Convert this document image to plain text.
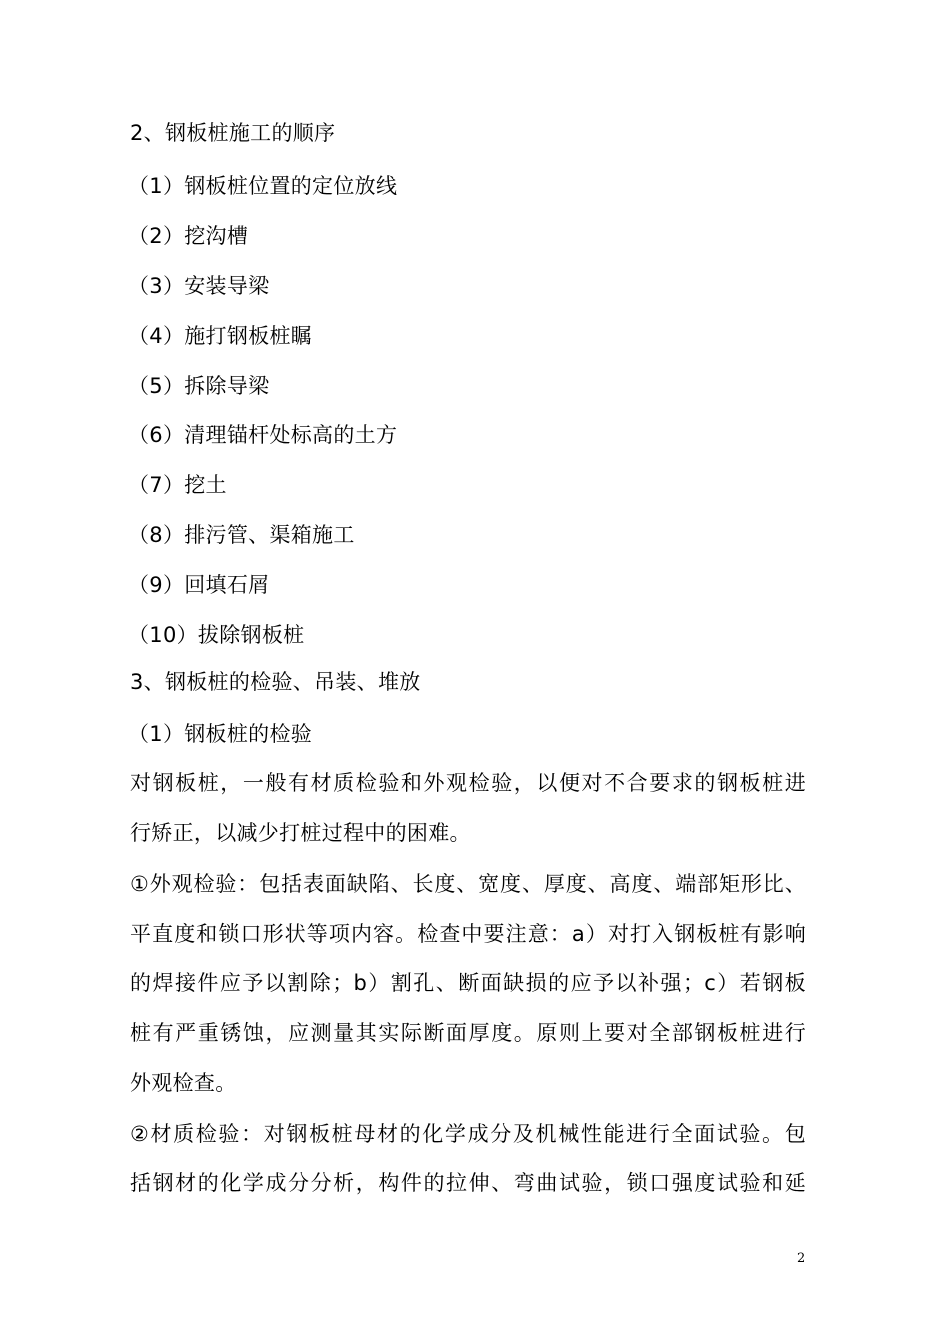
2、钢板桩施工的顺序
（1）钢板桩位置的定位放线
（2）挖沟槽
（3）安装导梁
（4）施打钢板桩瞩
（5）拆除导梁
（6）清理锚杆处标高的土方
（7）挖土
（8）排污管、渠箱施工
（9）回填石屑
（10）拔除钢板桩
3、钢板桩的检验、吊装、堆放
（1）钢板桩的检验
对钢板桩，一般有材质检验和外观检验，以便对不合要求的钢板桩进
行矫正，以减少打桩过程中的困难。
①外观检验：包括表面缺陷、长度、宽度、厚度、高度、端部矩形比、
平直度和锁口形状等项内容。检查中要注意：a）对打入钢板桩有影响
的焊接件应予以割除；b）割孔、断面缺损的应予以补强；c）若钢板
桩有严重锈蚀，应测量其实际断面厚度。原则上要对全部钢板桩进行
外观检查。
②材质检验：对钢板桩母材的化学成分及机械性能进行全面试验。包
括钢材的化学成分分析，构件的拉伸、弯曲试验，锁口强度试验和延
2
